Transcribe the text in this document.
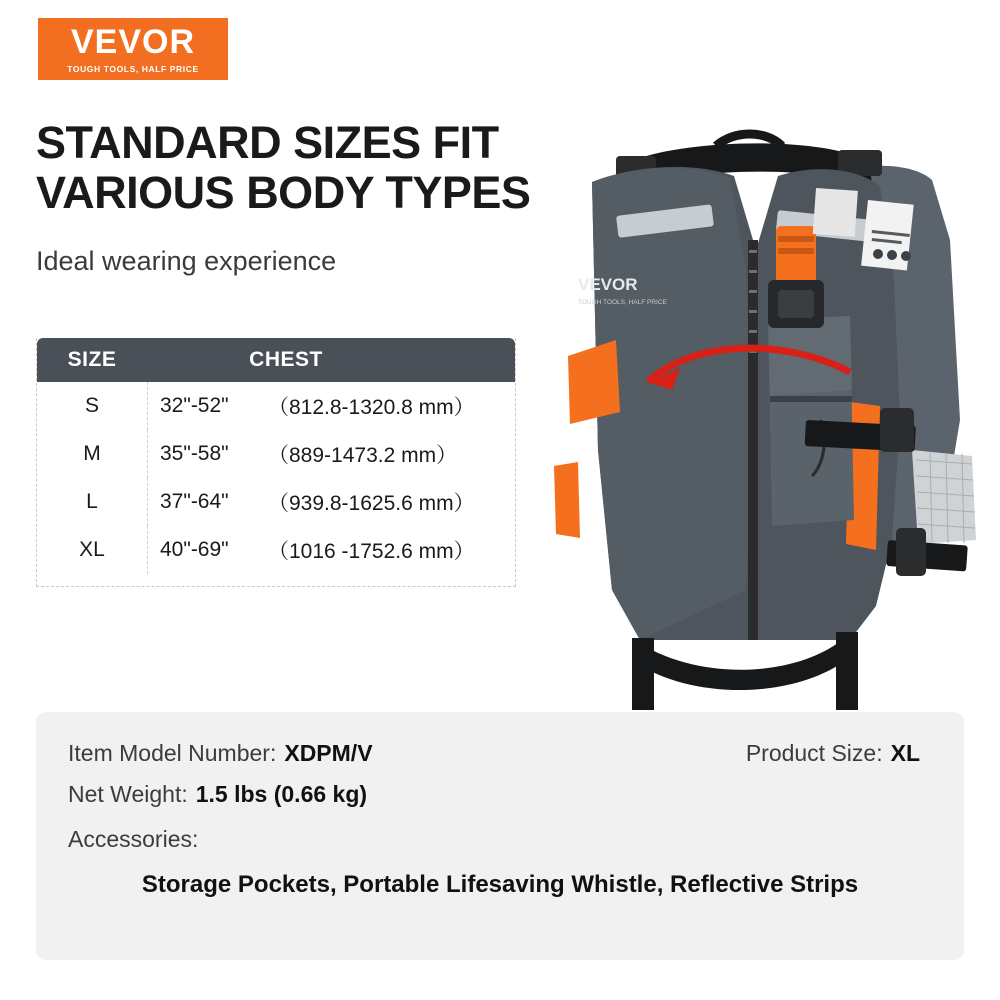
VEVOR
TOUGH TOOLS, HALF PRICE
STANDARD SIZES FIT
VARIOUS BODY TYPES
Ideal wearing experience
SIZE	CHEST
S	32"-52"	（812.8-1320.8 mm）
M	35"-58"	（889-1473.2 mm）
L	37"-64"	（939.8-1625.6 mm）
XL	40"-69"	（1016 -1752.6 mm）
VEVOR
TOUGH TOOLS, HALF PRICE
Item Model Number: XDPM/V	Product Size: XL
Net Weight: 1.5 lbs (0.66 kg)
Accessories:
Storage Pockets, Portable Lifesaving Whistle, Reflective Strips
